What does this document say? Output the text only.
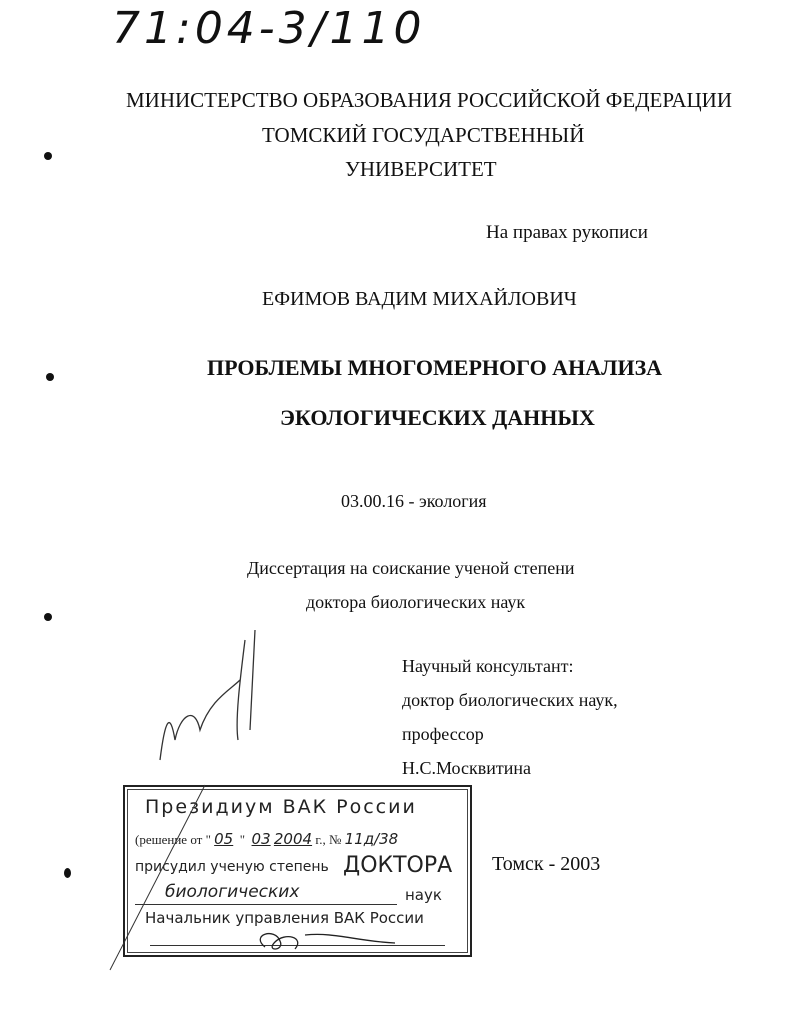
71:04-3/110
МИНИСТЕРСТВО ОБРАЗОВАНИЯ РОССИЙСКОЙ ФЕДЕРАЦИИ
ТОМСКИЙ ГОСУДАРСТВЕННЫЙ
УНИВЕРСИТЕТ
На правах рукописи
ЕФИМОВ ВАДИМ МИХАЙЛОВИЧ
ПРОБЛЕМЫ МНОГОМЕРНОГО АНАЛИЗА
ЭКОЛОГИЧЕСКИХ ДАННЫХ
03.00.16 - экология
Диссертация на соискание ученой степени
доктора биологических наук
Научный консультант:
доктор биологических наук,
профессор
Н.С.Москвитина
Томск - 2003
Президиум ВАК России
(решение от " 05  "  03 2004 г., № 11д/38
присудил ученую степень ДОКТОРА
биологических	наук
Начальник управления ВАК России
